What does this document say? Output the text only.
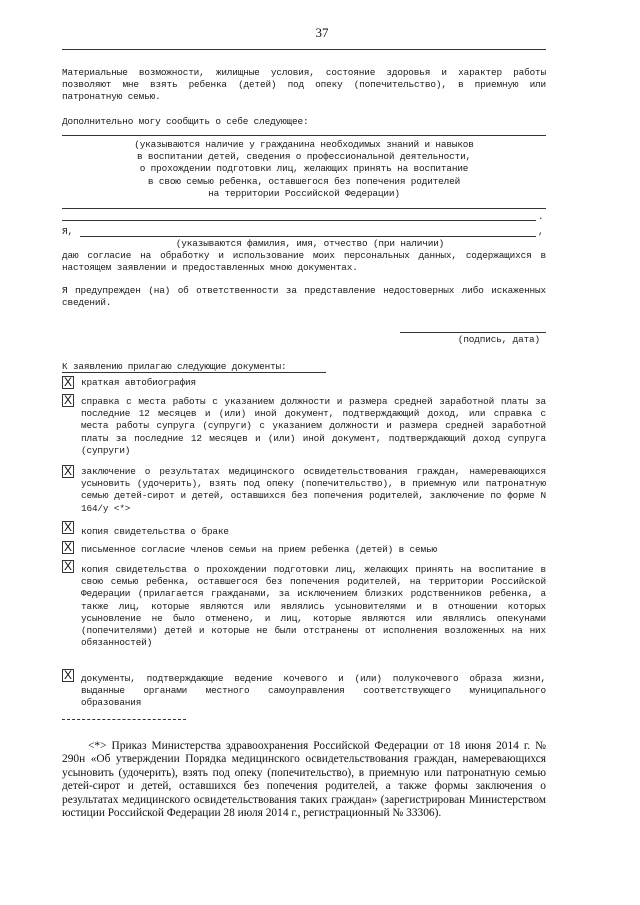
37
Материальные возможности, жилищные условия, состояние здоровья и характер работы позволяют мне взять ребенка (детей) под опеку (попечительство), в приемную или патронатную семью.
Дополнительно могу сообщить о себе следующее:
(указываются наличие у гражданина необходимых знаний и навыков
в воспитании детей, сведения о профессиональной деятельности,
о прохождении подготовки лиц, желающих принять на воспитание
в свою семью ребенка, оставшегося без попечения родителей
на территории Российской Федерации)
.
Я,	,
(указываются фамилия, имя, отчество (при наличии)
даю согласие на обработку и использование моих персональных данных, содержащихся в настоящем заявлении и предоставленных мною документах.
Я предупрежден (на) об ответственности за представление недостоверных либо искаженных сведений.
(подпись, дата)
К заявлению прилагаю следующие документы:
X краткая автобиография
X справка с места работы с указанием должности и размера средней заработной платы за последние 12 месяцев и (или) иной документ, подтверждающий доход, или справка с места работы супруга (супруги) с указанием должности и размера средней заработной платы за последние 12 месяцев и (или) иной документ, подтверждающий доход супруга (супруги)
X заключение о результатах медицинского освидетельствования граждан, намеревающихся усыновить (удочерить), взять под опеку (попечительство), в приемную или патронатную семью детей-сирот и детей, оставшихся без попечения родителей, заключение по форме N 164/у <*>
X копия свидетельства о браке
X письменное согласие членов семьи на прием ребенка (детей) в семью
X копия свидетельства о прохождении подготовки лиц, желающих принять на воспитание в свою семью ребенка, оставшегося без попечения родителей, на территории Российской Федерации (прилагается гражданами, за исключением близких родственников ребенка, а также лиц, которые являются или являлись усыновителями и в отношении которых усыновление не было отменено, и лиц, которые являются или являлись опекунами (попечителями) детей и которые не были отстранены от исполнения возложенных на них обязанностей)
X документы, подтверждающие ведение кочевого и (или) полукочевого образа жизни, выданные органами местного самоуправления соответствующего муниципального образования
<*> Приказ Министерства здравоохранения Российской Федерации от 18 июня 2014 г. № 290н «Об утверждении Порядка медицинского освидетельствования граждан, намеревающихся усыновить (удочерить), взять под опеку (попечительство), в приемную или патронатную семью детей-сирот и детей, оставшихся без попечения родителей, а также формы заключения о результатах медицинского освидетельствования таких граждан» (зарегистрирован Министерством юстиции Российской Федерации 28 июля 2014 г., регистрационный № 33306).
